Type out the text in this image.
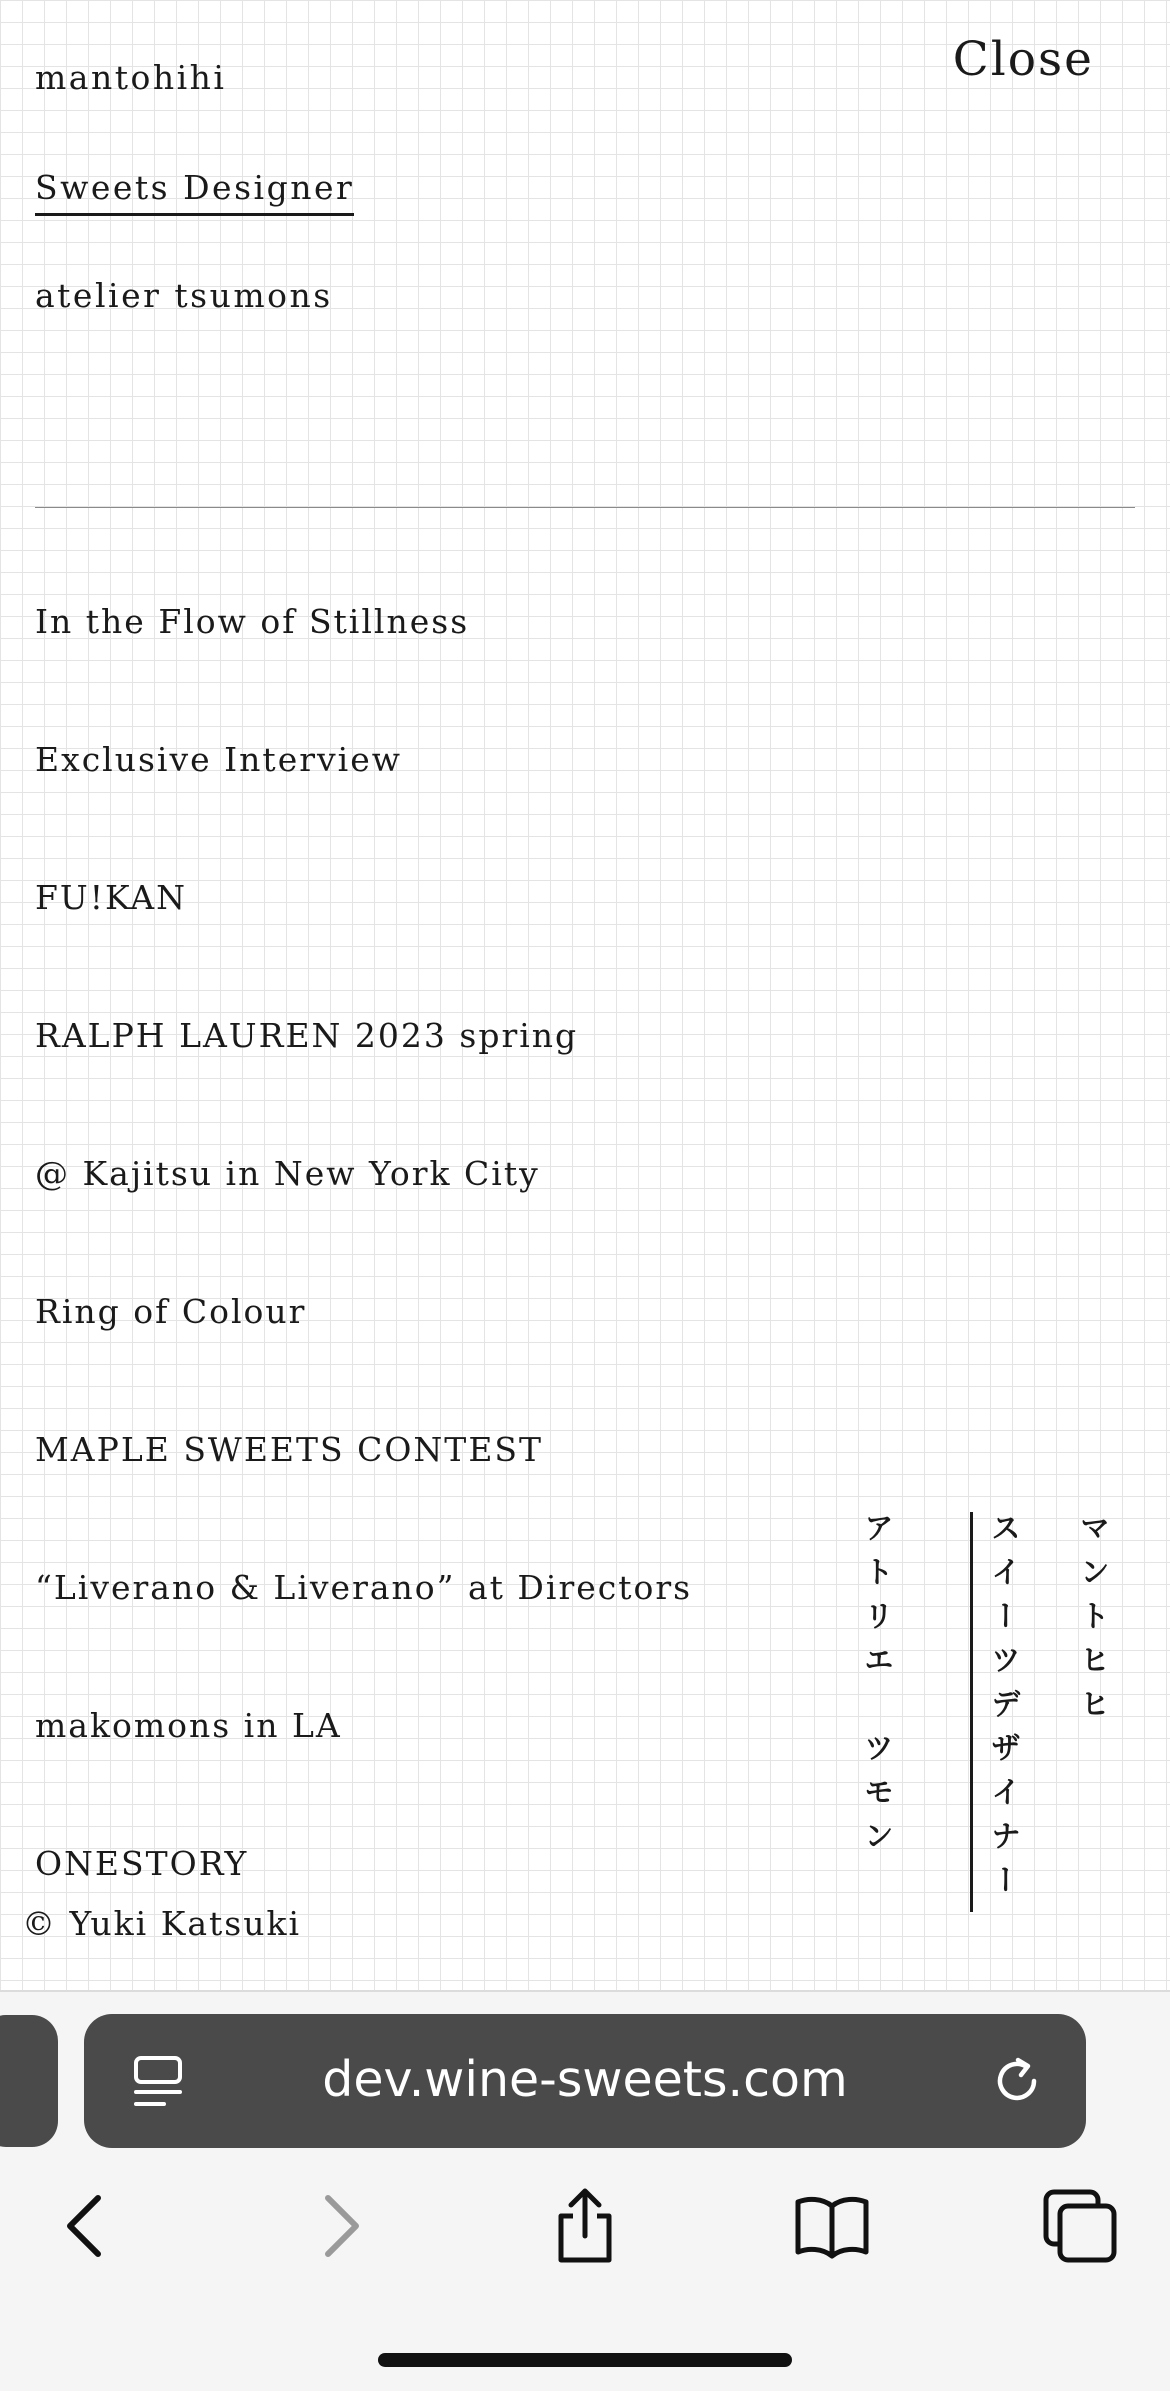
Close
mantohihi
Sweets Designer
atelier tsumons
In the Flow of Stillness
Exclusive Interview
FU!KAN
RALPH LAUREN 2023 spring
@ Kajitsu in New York City
Ring of Colour
MAPLE SWEETS CONTEST
“Liverano & Liverano” at Directors
makomons in LA
ONESTORY
© Yuki Katsuki
マントヒヒ
スイーツデザイナー
アトリエ　ツモン
dev.wine-sweets.com
